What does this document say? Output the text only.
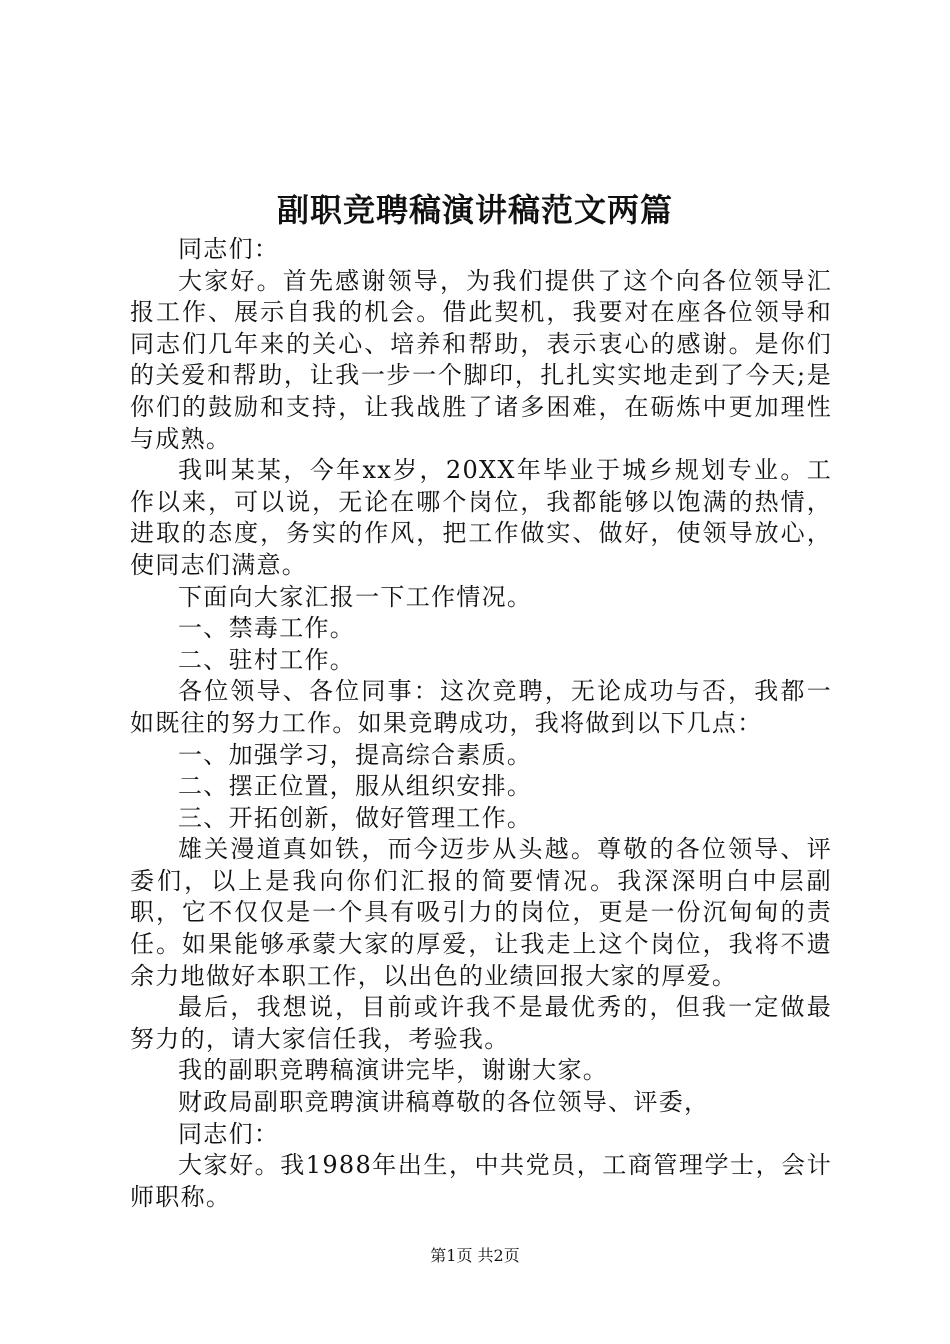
副职竞聘稿演讲稿范文两篇

同志们：

大家好。首先感谢领导，为我们提供了这个向各位领导汇报工作、展示自我的机会。借此契机，我要对在座各位领导和同志们几年来的关心、培养和帮助，表示衷心的感谢。是你们的关爱和帮助，让我一步一个脚印，扎扎实实地走到了今天;是你们的鼓励和支持，让我战胜了诸多困难，在砺炼中更加理性与成熟。

我叫某某，今年xx岁，20XX年毕业于城乡规划专业。工作以来，可以说，无论在哪个岗位，我都能够以饱满的热情，进取的态度，务实的作风，把工作做实、做好，使领导放心，使同志们满意。

下面向大家汇报一下工作情况。

一、禁毒工作。

二、驻村工作。

各位领导、各位同事：这次竞聘，无论成功与否，我都一如既往的努力工作。如果竞聘成功，我将做到以下几点：

一、加强学习，提高综合素质。

二、摆正位置，服从组织安排。

三、开拓创新，做好管理工作。

雄关漫道真如铁，而今迈步从头越。尊敬的各位领导、评委们，以上是我向你们汇报的简要情况。我深深明白中层副职，它不仅仅是一个具有吸引力的岗位，更是一份沉甸甸的责任。如果能够承蒙大家的厚爱，让我走上这个岗位，我将不遗余力地做好本职工作，以出色的业绩回报大家的厚爱。

最后，我想说，目前或许我不是最优秀的，但我一定做最努力的，请大家信任我，考验我。

我的副职竞聘稿演讲完毕，谢谢大家。

财政局副职竞聘演讲稿尊敬的各位领导、评委，

同志们：

大家好。我1988年出生，中共党员，工商管理学士，会计师职称。

第1页 共2页
